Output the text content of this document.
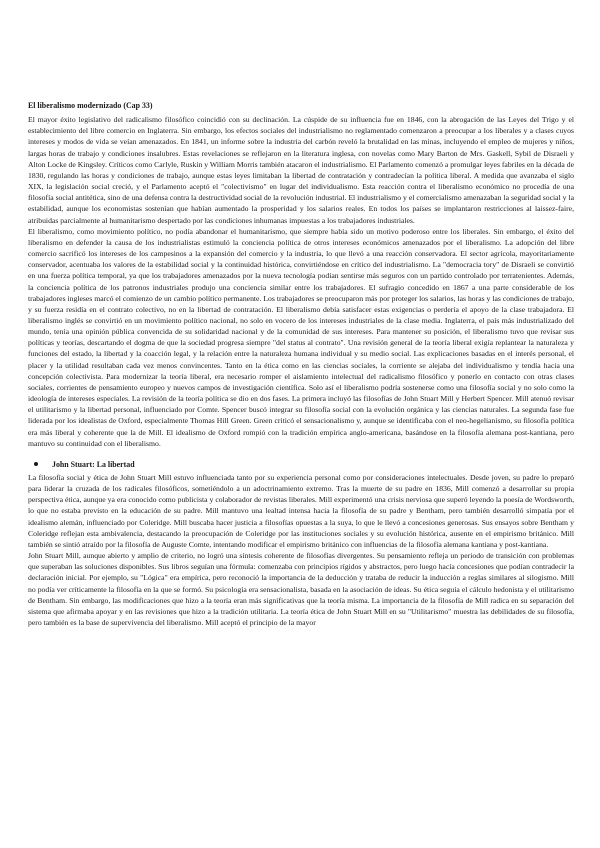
El liberalismo modernizado (Cap 33)

El mayor éxito legislativo del radicalismo filosófico coincidió con su declinación. La cúspide de su influencia fue en 1846, con la abrogación de las Leyes del Trigo y el establecimiento del libre comercio en Inglaterra. Sin embargo, los efectos sociales del industrialismo no reglamentado comenzaron a preocupar a los liberales y a clases cuyos intereses y modos de vida se veían amenazados. En 1841, un informe sobre la industria del carbón reveló la brutalidad en las minas, incluyendo el empleo de mujeres y niños, largas horas de trabajo y condiciones insalubres. Estas revelaciones se reflejaron en la literatura inglesa, con novelas como Mary Barton de Mrs. Gaskell, Sybil de Disraeli y Alton Locke de Kingsley. Críticos como Carlyle, Ruskin y William Morris también atacaron el industrialismo. El Parlamento comenzó a promulgar leyes fabriles en la década de 1830, regulando las horas y condiciones de trabajo, aunque estas leyes limitaban la libertad de contratación y contradecían la política liberal. A medida que avanzaba el siglo XIX, la legislación social creció, y el Parlamento aceptó el "colectivismo" en lugar del individualismo. Esta reacción contra el liberalismo económico no procedía de una filosofía social antitética, sino de una defensa contra la destructividad social de la revolución industrial. El industrialismo y el comercialismo amenazaban la seguridad social y la estabilidad, aunque los economistas sostenían que habían aumentado la prosperidad y los salarios reales. En todos los países se implantaron restricciones al laissez-faire, atribuidas parcialmente al humanitarismo despertado por las condiciones inhumanas impuestas a los trabajadores industriales.

El liberalismo, como movimiento político, no podía abandonar el humanitarismo, que siempre había sido un motivo poderoso entre los liberales. Sin embargo, el éxito del liberalismo en defender la causa de los industrialistas estimuló la conciencia política de otros intereses económicos amenazados por el liberalismo. La adopción del libre comercio sacrificó los intereses de los campesinos a la expansión del comercio y la industria, lo que llevó a una reacción conservadora. El sector agrícola, mayoritariamente conservador, acentuaba los valores de la estabilidad social y la continuidad histórica, convirtiéndose en crítico del industrialismo. La "democracia tory" de Disraeli se convirtió en una fuerza política temporal, ya que los trabajadores amenazados por la nueva tecnología podían sentirse más seguros con un partido controlado por terratenientes. Además, la conciencia política de los patronos industriales produjo una conciencia similar entre los trabajadores. El sufragio concedido en 1867 a una parte considerable de los trabajadores ingleses marcó el comienzo de un cambio político permanente. Los trabajadores se preocuparon más por proteger los salarios, las horas y las condiciones de trabajo, y su fuerza residía en el contrato colectivo, no en la libertad de contratación. El liberalismo debía satisfacer estas exigencias o perdería el apoyo de la clase trabajadora. El liberalismo inglés se convirtió en un movimiento político nacional, no solo en vocero de los intereses industriales de la clase media. Inglaterra, el país más industrializado del mundo, tenía una opinión pública convencida de su solidaridad nacional y de la comunidad de sus intereses. Para mantener su posición, el liberalismo tuvo que revisar sus políticas y teorías, descartando el dogma de que la sociedad progresa siempre "del status al contrato". Una revisión general de la teoría liberal exigía replantear la naturaleza y funciones del estado, la libertad y la coacción legal, y la relación entre la naturaleza humana individual y su medio social. Las explicaciones basadas en el interés personal, el placer y la utilidad resultaban cada vez menos convincentes. Tanto en la ética como en las ciencias sociales, la corriente se alejaba del individualismo y tendía hacia una concepción colectivista. Para modernizar la teoría liberal, era necesario romper el aislamiento intelectual del radicalismo filosófico y ponerlo en contacto con otras clases sociales, corrientes de pensamiento europeo y nuevos campos de investigación científica. Solo así el liberalismo podría sostenerse como una filosofía social y no solo como la ideología de intereses especiales. La revisión de la teoría política se dio en dos fases. La primera incluyó las filosofías de John Stuart Mill y Herbert Spencer. Mill atenuó revisar el utilitarismo y la libertad personal, influenciado por Comte. Spencer buscó integrar su filosofía social con la evolución orgánica y las ciencias naturales. La segunda fase fue liderada por los idealistas de Oxford, especialmente Thomas Hill Green. Green criticó el sensacionalismo y, aunque se identificaba con el neo-hegelianismo, su filosofía política era más liberal y coherente que la de Mill. El idealismo de Oxford rompió con la tradición empírica anglo-americana, basándose en la filosofía alemana post-kantiana, pero mantuvo su continuidad con el liberalismo.

John Stuart: La libertad

La filosofía social y ética de John Stuart Mill estuvo influenciada tanto por su experiencia personal como por consideraciones intelectuales. Desde joven, su padre lo preparó para liderar la cruzada de los radicales filosóficos, sometiéndolo a un adoctrinamiento extremo. Tras la muerte de su padre en 1836, Mill comenzó a desarrollar su propia perspectiva ética, aunque ya era conocido como publicista y colaborador de revistas liberales. Mill experimentó una crisis nerviosa que superó leyendo la poesía de Wordsworth, lo que no estaba previsto en la educación de su padre. Mill mantuvo una lealtad intensa hacia la filosofía de su padre y Bentham, pero también desarrolló simpatía por el idealismo alemán, influenciado por Coleridge. Mill buscaba hacer justicia a filosofías opuestas a la suya, lo que le llevó a concesiones generosas. Sus ensayos sobre Bentham y Coleridge reflejan esta ambivalencia, destacando la preocupación de Coleridge por las instituciones sociales y su evolución histórica, ausente en el empirismo británico. Mill también se sintió atraído por la filosofía de Auguste Comte, intentando modificar el empirismo británico con influencias de la filosofía alemana kantiana y post-kantiana.

John Stuart Mill, aunque abierto y amplio de criterio, no logró una síntesis coherente de filosofías divergentes. Su pensamiento refleja un periodo de transición con problemas que superaban las soluciones disponibles. Sus libros seguían una fórmula: comenzaba con principios rígidos y abstractos, pero luego hacía concesiones que podían contradecir la declaración inicial. Por ejemplo, su "Lógica" era empírica, pero reconoció la importancia de la deducción y trataba de reducir la inducción a reglas similares al silogismo. Mill no podía ver críticamente la filosofía en la que se formó. Su psicología era sensacionalista, basada en la asociación de ideas. Su ética seguía el cálculo hedonista y el utilitarismo de Bentham. Sin embargo, las modificaciones que hizo a la teoría eran más significativas que la teoría misma. La importancia de la filosofía de Mill radica en su separación del sistema que afirmaba apoyar y en las revisiones que hizo a la tradición utilitaria. La teoría ética de John Stuart Mill en su "Utilitarismo" muestra las debilidades de su filosofía, pero también es la base de supervivencia del liberalismo. Mill aceptó el principio de la mayor
